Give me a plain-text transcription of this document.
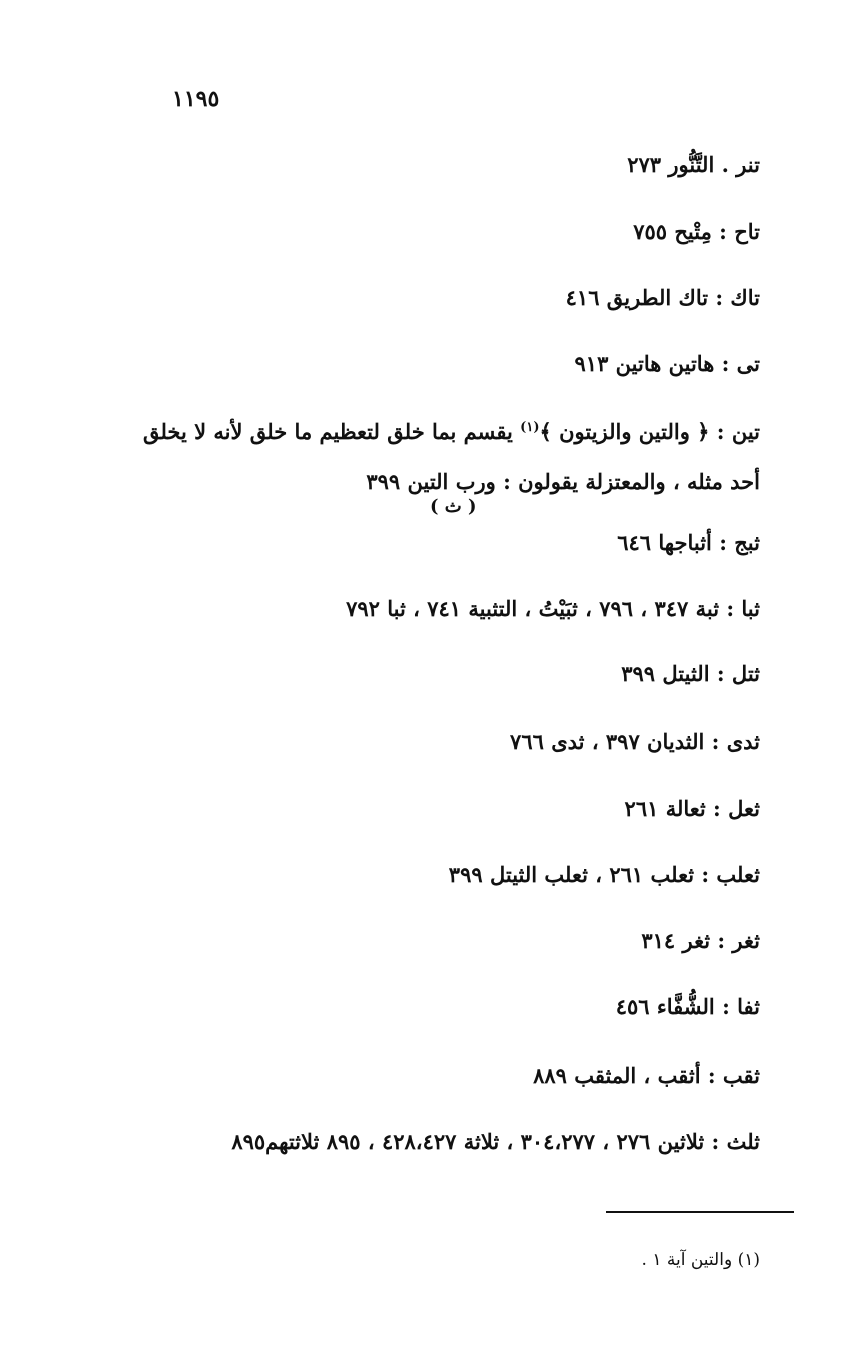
١١٩٥
تنر . التَّنُّور ٢٧٣
تاح : مِتْيح ٧٥٥
تاك : تاك الطريق ٤١٦
تى : هاتين هاتين ٩١٣
تين : ﴿ والتين والزيتون ﴾$^{(١)}$ يقسم بما خلق لتعظيم ما خلق لأنه لا يخلق أحد مثله ، والمعتزلة يقولون : ورب التين ٣٩٩
( ث )
ثبج : أثباجها ٦٤٦
ثبا : ثبة ٣٤٧ ، ٧٩٦ ، ثبَيْتُ ، التثبية ٧٤١ ، ثبا ٧٩٢
ثتل : الثيتل ٣٩٩
ثدى : الثديان ٣٩٧ ، ثدى ٧٦٦
ثعل : ثعالة ٢٦١
ثعلب : ثعلب ٢٦١ ، ثعلب الثيتل ٣٩٩
ثغر : ثغر ٣١٤
ثفا : الشُّفَّاء ٤٥٦
ثقب : أثقب ، المثقب ٨٨٩
ثلث : ثلاثين ٢٧٦ ، ٣٠٤،٢٧٧ ، ثلاثة ٤٢٨،٤٢٧ ، ٨٩٥ ثلاثتهم٨٩٥
(١) والتين آية ١ .
